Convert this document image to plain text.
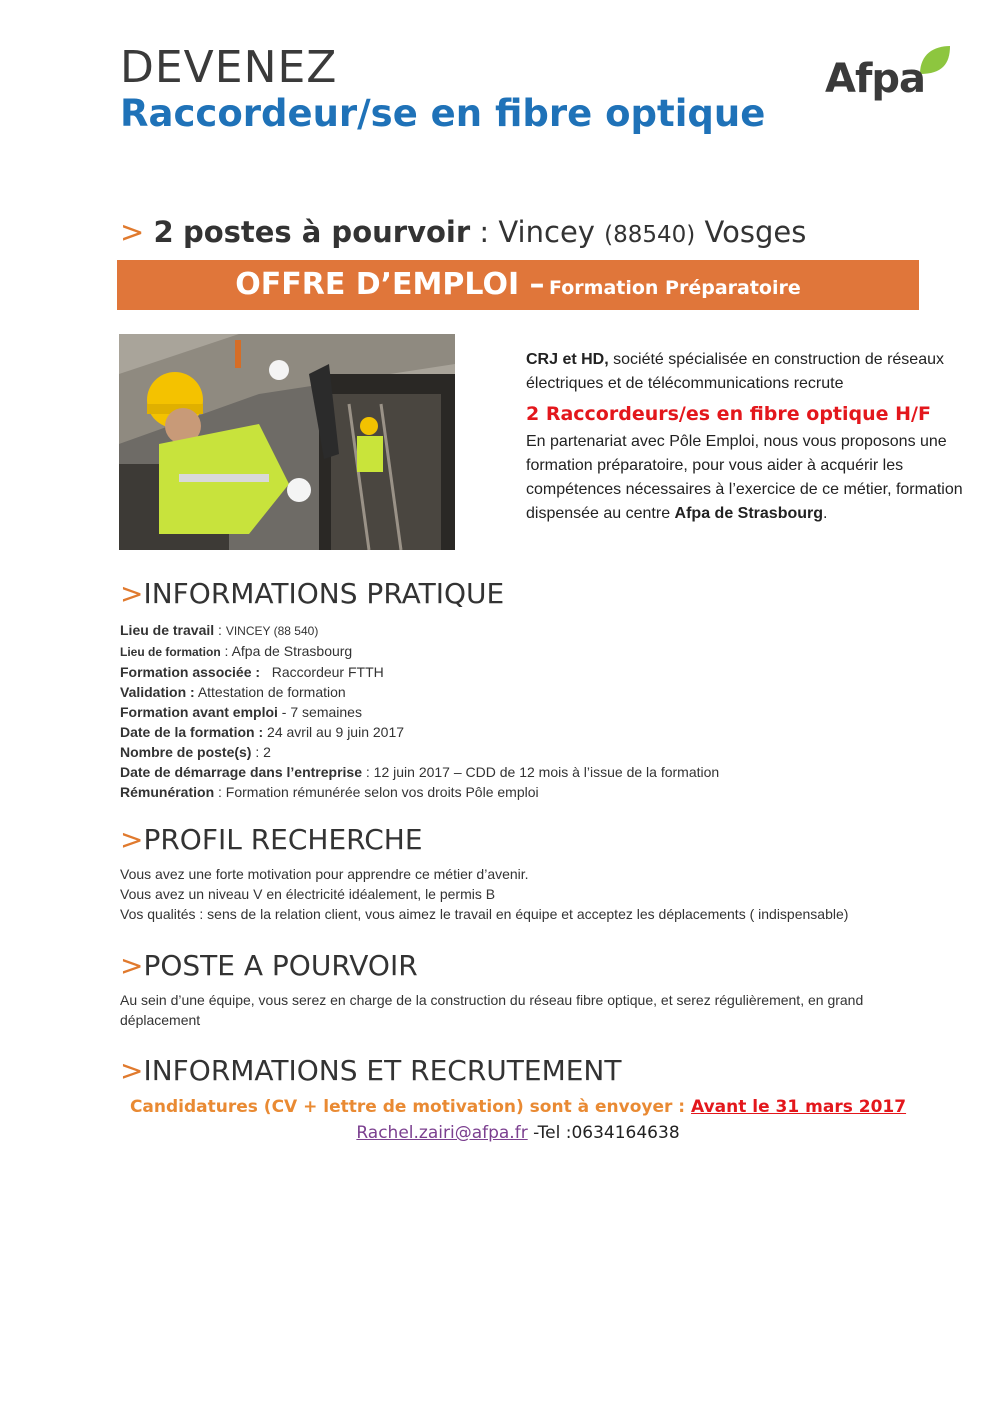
DEVENEZ
Raccordeur/se en fibre optique
Afpa
> 2 postes à pourvoir : Vincey (88540) Vosges
OFFRE D’EMPLOI – Formation Préparatoire

CRJ et HD, société spécialisée en construction de réseaux électriques et de télécommunications recrute

2 Raccordeurs/es en fibre optique H/F

En partenariat avec Pôle Emploi, nous vous proposons une formation préparatoire, pour vous aider à acquérir les compétences nécessaires à l’exercice de ce métier, formation dispensée au centre Afpa de Strasbourg.

>INFORMATIONS PRATIQUE
Lieu de travail : VINCEY (88 540)
Lieu de formation : Afpa de Strasbourg
Formation associée : Raccordeur FTTH
Validation : Attestation de formation
Formation avant emploi - 7 semaines
Date de la formation : 24 avril au 9 juin 2017
Nombre de poste(s) : 2
Date de démarrage dans l’entreprise : 12 juin 2017 – CDD de 12 mois à l’issue de la formation
Rémunération : Formation rémunérée selon vos droits Pôle emploi
>PROFIL RECHERCHE
Vous avez une forte motivation pour apprendre ce métier d’avenir.
Vous avez un niveau V en électricité idéalement, le permis B
Vos qualités : sens de la relation client, vous aimez le travail en équipe et acceptez les déplacements ( indispensable)
>POSTE A POURVOIR
Au sein d’une équipe, vous serez en charge de la construction du réseau fibre optique, et serez régulièrement, en grand déplacement
>INFORMATIONS ET RECRUTEMENT
Candidatures (CV + lettre de motivation) sont à envoyer : Avant le 31 mars 2017
Rachel.zairi@afpa.fr -Tel :0634164638
